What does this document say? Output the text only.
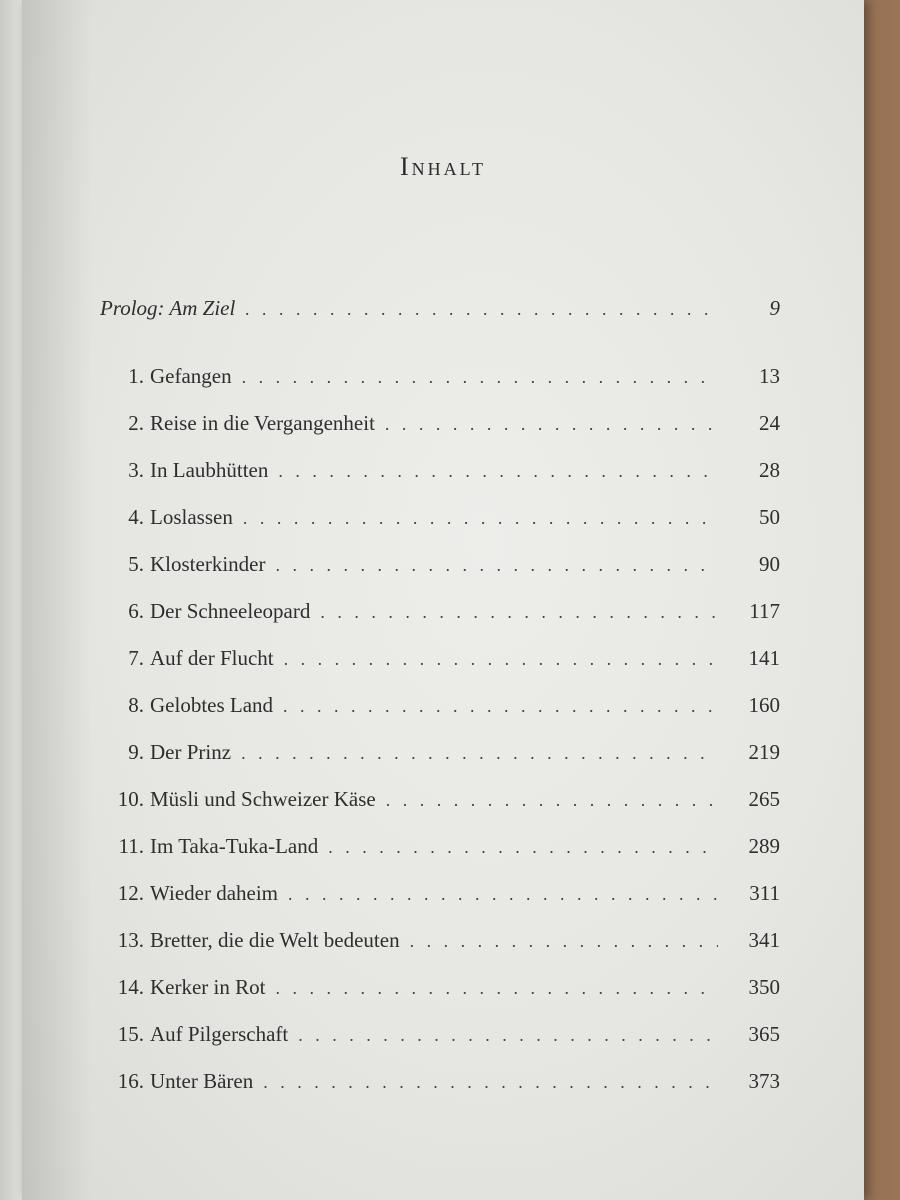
Inhalt
Prolog: Am Ziel . . .	9
1. Gefangen . . .	13
2. Reise in die Vergangenheit . . .	24
3. In Laubhütten . . .	28
4. Loslassen . . .	50
5. Klosterkinder . . .	90
6. Der Schneeleopard . . .	117
7. Auf der Flucht . . .	141
8. Gelobtes Land . . .	160
9. Der Prinz . . .	219
10. Müsli und Schweizer Käse . . .	265
11. Im Taka-Tuka-Land . . .	289
12. Wieder daheim . . .	311
13. Bretter, die die Welt bedeuten . . .	341
14. Kerker in Rot . . .	350
15. Auf Pilgerschaft . . .	365
16. Unter Bären . . .	373
